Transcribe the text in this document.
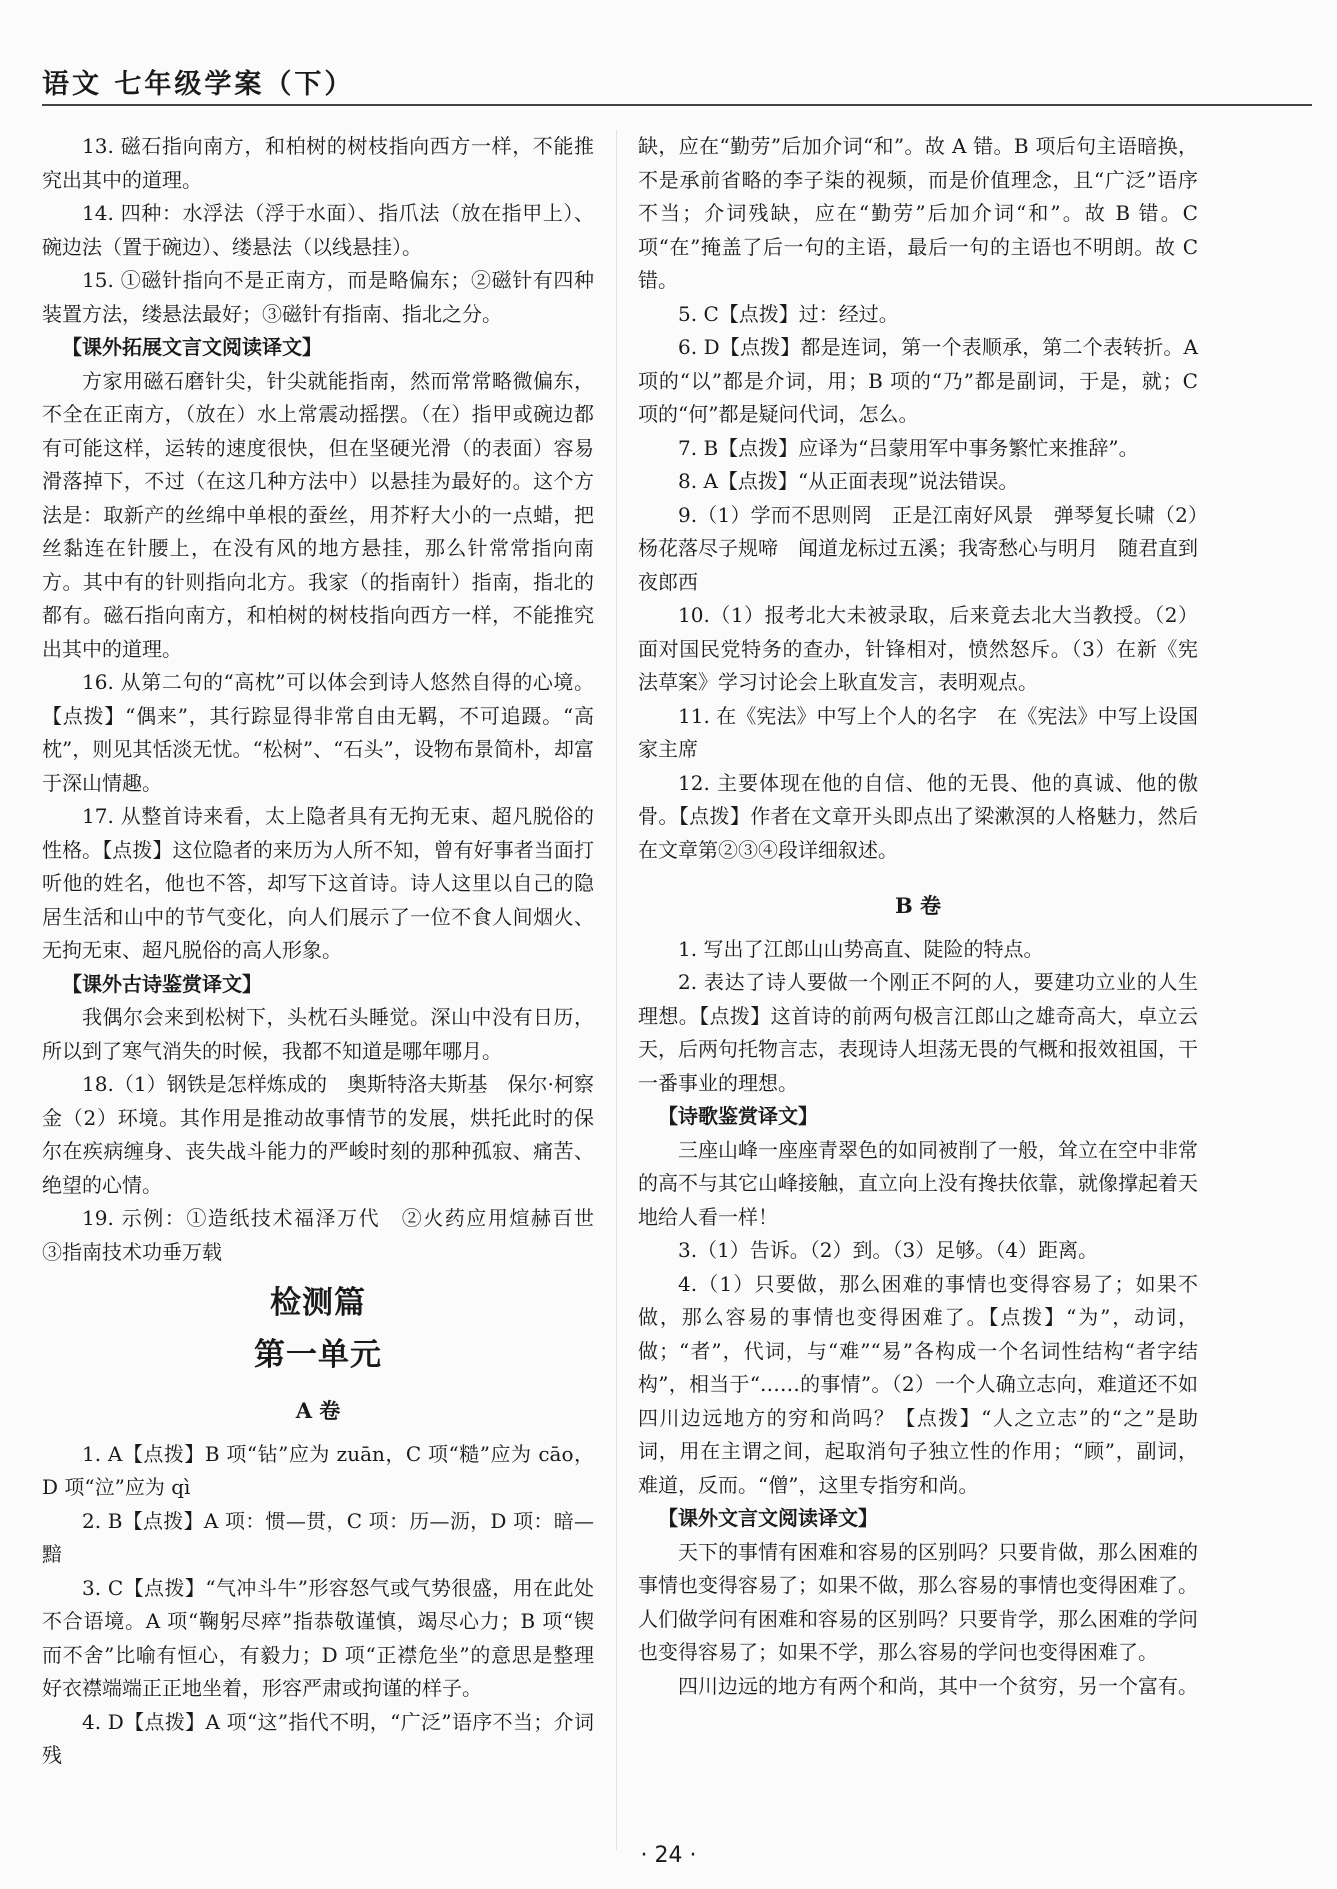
语文 七年级学案（下）

13. 磁石指向南方，和柏树的树枝指向西方一样，不能推究出其中的道理。

14. 四种：水浮法（浮于水面）、指爪法（放在指甲上）、碗边法（置于碗边）、缕悬法（以线悬挂）。

15. ①磁针指向不是正南方，而是略偏东；②磁针有四种装置方法，缕悬法最好；③磁针有指南、指北之分。

【课外拓展文言文阅读译文】

方家用磁石磨针尖，针尖就能指南，然而常常略微偏东，不全在正南方，（放在）水上常震动摇摆。（在）指甲或碗边都有可能这样，运转的速度很快，但在坚硬光滑（的表面）容易滑落掉下，不过（在这几种方法中）以悬挂为最好的。这个方法是：取新产的丝绵中单根的蚕丝，用芥籽大小的一点蜡，把丝黏连在针腰上，在没有风的地方悬挂，那么针常常指向南方。其中有的针则指向北方。我家（的指南针）指南，指北的都有。磁石指向南方，和柏树的树枝指向西方一样，不能推究出其中的道理。

16. 从第二句的“高枕”可以体会到诗人悠然自得的心境。【点拨】“偶来”，其行踪显得非常自由无羁，不可追蹑。“高枕”，则见其恬淡无忧。“松树”、“石头”，设物布景简朴，却富于深山情趣。

17. 从整首诗来看，太上隐者具有无拘无束、超凡脱俗的性格。【点拨】这位隐者的来历为人所不知，曾有好事者当面打听他的姓名，他也不答，却写下这首诗。诗人这里以自己的隐居生活和山中的节气变化，向人们展示了一位不食人间烟火、无拘无束、超凡脱俗的高人形象。

【课外古诗鉴赏译文】

我偶尔会来到松树下，头枕石头睡觉。深山中没有日历，所以到了寒气消失的时候，我都不知道是哪年哪月。

18.（1）钢铁是怎样炼成的　奥斯特洛夫斯基　保尔·柯察金（2）环境。其作用是推动故事情节的发展，烘托此时的保尔在疾病缠身、丧失战斗能力的严峻时刻的那种孤寂、痛苦、绝望的心情。

19. 示例：①造纸技术福泽万代　②火药应用煊赫百世　③指南技术功垂万载

检测篇
第一单元
A 卷

1. A【点拨】B 项“钻”应为 zuān，C 项“糙”应为 cāo，D 项“泣”应为 qì

2. B【点拨】A 项：惯—贯，C 项：历—沥，D 项：暗—黯

3. C【点拨】“气冲斗牛”形容怒气或气势很盛，用在此处不合语境。A 项“鞠躬尽瘁”指恭敬谨慎，竭尽心力；B 项“锲而不舍”比喻有恒心，有毅力；D 项“正襟危坐”的意思是整理好衣襟端端正正地坐着，形容严肃或拘谨的样子。

4. D【点拨】A 项“这”指代不明，“广泛”语序不当；介词残

缺，应在“勤劳”后加介词“和”。故 A 错。B 项后句主语暗换，不是承前省略的李子柒的视频，而是价值理念，且“广泛”语序不当；介词残缺，应在“勤劳”后加介词“和”。故 B 错。C 项“在”掩盖了后一句的主语，最后一句的主语也不明朗。故 C 错。

5. C【点拨】过：经过。

6. D【点拨】都是连词，第一个表顺承，第二个表转折。A 项的“以”都是介词，用；B 项的“乃”都是副词，于是，就；C 项的“何”都是疑问代词，怎么。

7. B【点拨】应译为“吕蒙用军中事务繁忙来推辞”。

8. A【点拨】“从正面表现”说法错误。

9.（1）学而不思则罔　正是江南好风景　弹琴复长啸（2）杨花落尽子规啼　闻道龙标过五溪；我寄愁心与明月　随君直到夜郎西

10.（1）报考北大未被录取，后来竟去北大当教授。（2）面对国民党特务的查办，针锋相对，愤然怒斥。（3）在新《宪法草案》学习讨论会上耿直发言，表明观点。

11. 在《宪法》中写上个人的名字　在《宪法》中写上设国家主席

12. 主要体现在他的自信、他的无畏、他的真诚、他的傲骨。【点拨】作者在文章开头即点出了梁漱溟的人格魅力，然后在文章第②③④段详细叙述。

B 卷

1. 写出了江郎山山势高直、陡险的特点。

2. 表达了诗人要做一个刚正不阿的人，要建功立业的人生理想。【点拨】这首诗的前两句极言江郎山之雄奇高大，卓立云天，后两句托物言志，表现诗人坦荡无畏的气概和报效祖国，干一番事业的理想。

【诗歌鉴赏译文】

三座山峰一座座青翠色的如同被削了一般，耸立在空中非常的高不与其它山峰接触，直立向上没有搀扶依靠，就像撑起着天地给人看一样！

3.（1）告诉。（2）到。（3）足够。（4）距离。

4.（1）只要做，那么困难的事情也变得容易了；如果不做，那么容易的事情也变得困难了。【点拨】“为”，动词，做；“者”，代词，与“难”“易”各构成一个名词性结构“者字结构”，相当于“……的事情”。（2）一个人确立志向，难道还不如四川边远地方的穷和尚吗？【点拨】“人之立志”的“之”是助词，用在主谓之间，起取消句子独立性的作用；“顾”，副词，难道，反而。“僧”，这里专指穷和尚。

【课外文言文阅读译文】

天下的事情有困难和容易的区别吗？只要肯做，那么困难的事情也变得容易了；如果不做，那么容易的事情也变得困难了。人们做学问有困难和容易的区别吗？只要肯学，那么困难的学问也变得容易了；如果不学，那么容易的学问也变得困难了。

四川边远的地方有两个和尚，其中一个贫穷，另一个富有。

· 24 ·
